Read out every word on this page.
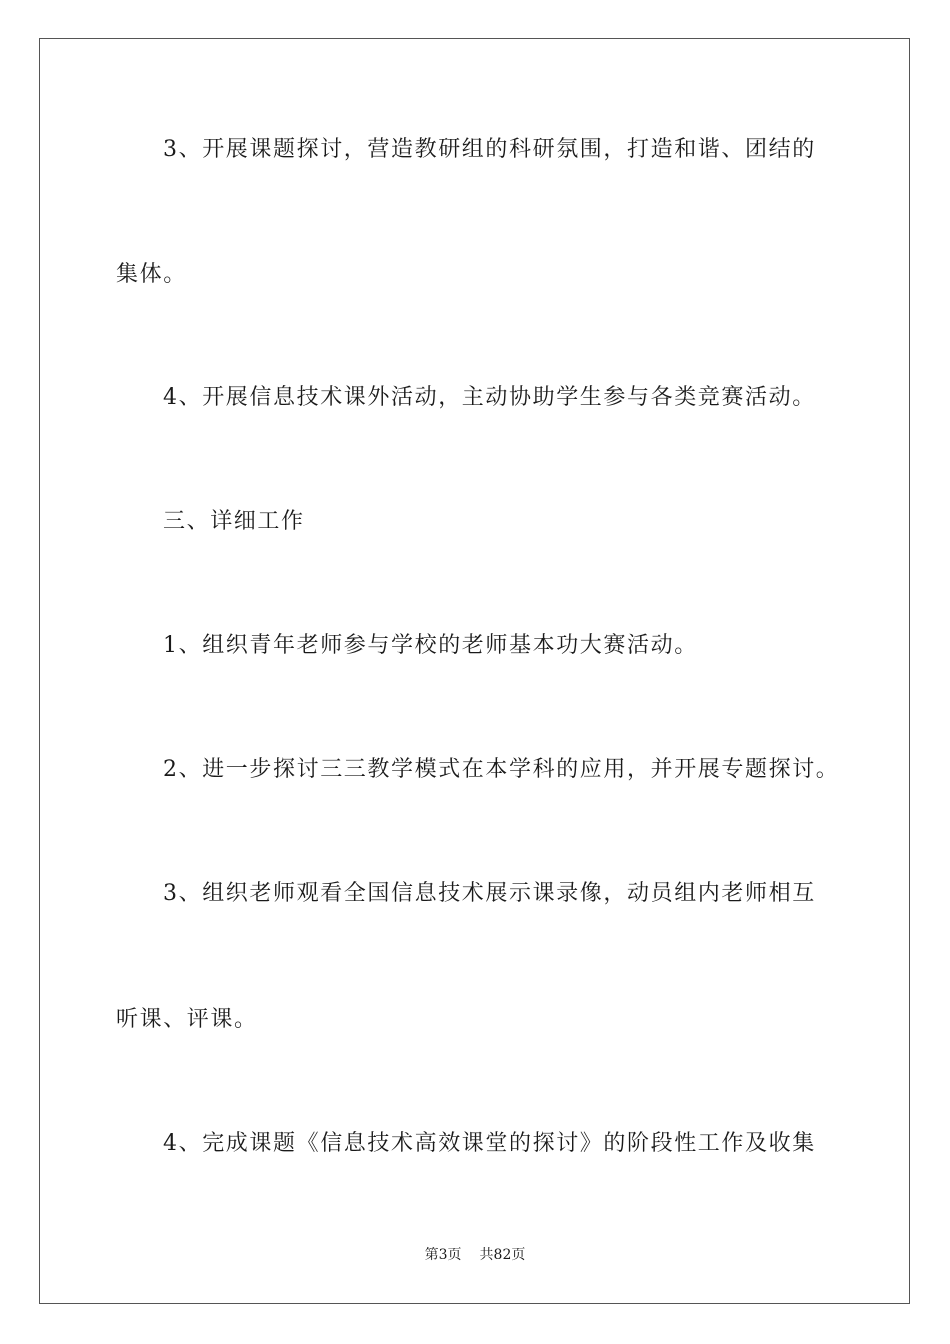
3、开展课题探讨，营造教研组的科研氛围，打造和谐、团结的
集体。
4、开展信息技术课外活动，主动协助学生参与各类竞赛活动。
三、详细工作
1、组织青年老师参与学校的老师基本功大赛活动。
2、进一步探讨三三教学模式在本学科的应用，并开展专题探讨。
3、组织老师观看全国信息技术展示课录像，动员组内老师相互
听课、评课。
4、完成课题《信息技术高效课堂的探讨》的阶段性工作及收集
第3页 共82页
